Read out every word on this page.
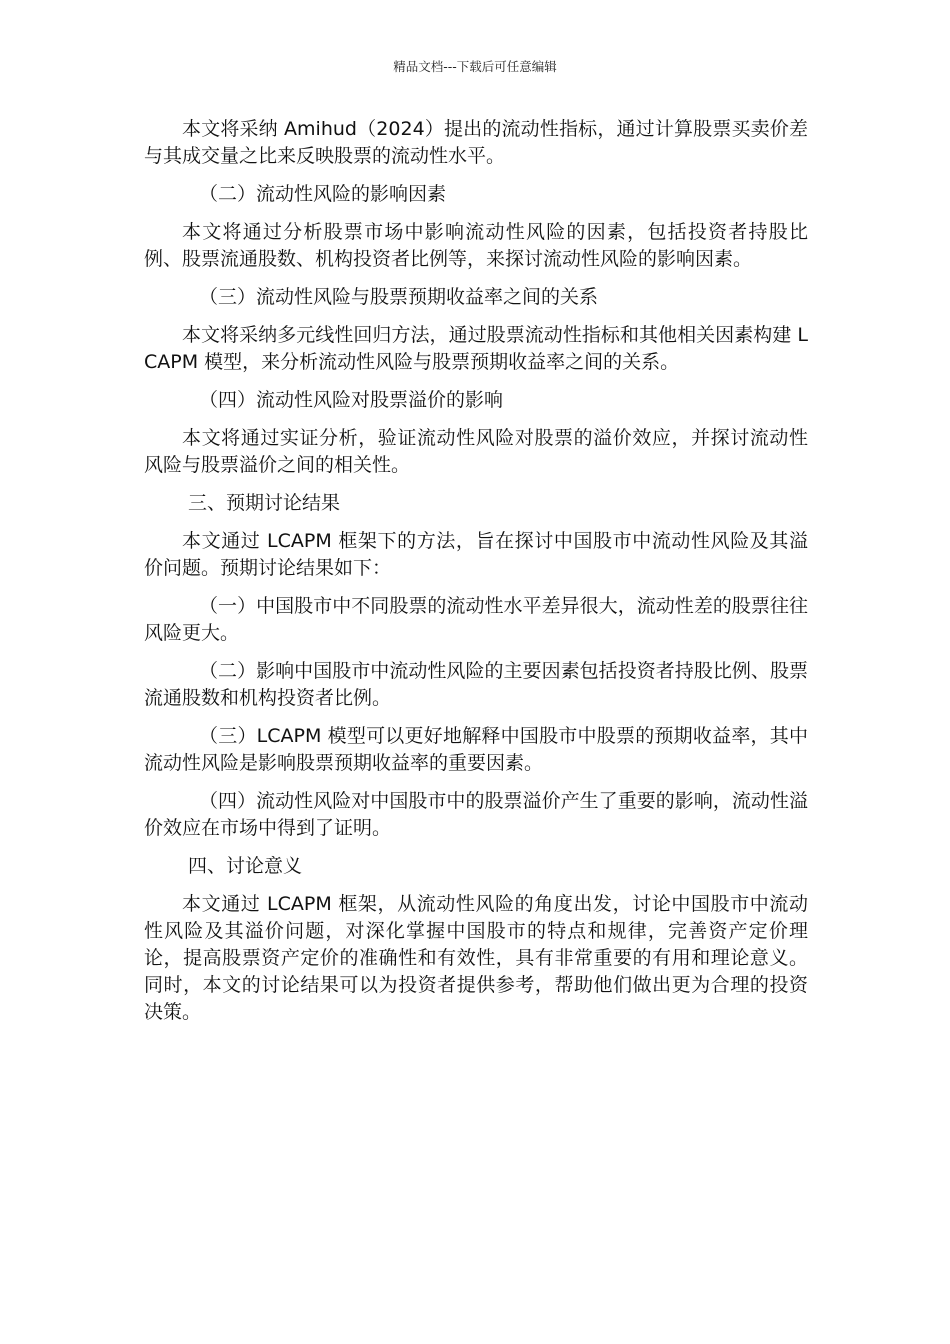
精品文档---下载后可任意编辑

本文将采纳 Amihud（2024）提出的流动性指标，通过计算股票买卖价差与其成交量之比来反映股票的流动性水平。

（二）流动性风险的影响因素

本文将通过分析股票市场中影响流动性风险的因素，包括投资者持股比例、股票流通股数、机构投资者比例等，来探讨流动性风险的影响因素。

（三）流动性风险与股票预期收益率之间的关系

本文将采纳多元线性回归方法，通过股票流动性指标和其他相关因素构建 LCAPM 模型，来分析流动性风险与股票预期收益率之间的关系。

（四）流动性风险对股票溢价的影响

本文将通过实证分析，验证流动性风险对股票的溢价效应，并探讨流动性风险与股票溢价之间的相关性。

三、预期讨论结果

本文通过 LCAPM 框架下的方法，旨在探讨中国股市中流动性风险及其溢价问题。预期讨论结果如下：

（一）中国股市中不同股票的流动性水平差异很大，流动性差的股票往往风险更大。

（二）影响中国股市中流动性风险的主要因素包括投资者持股比例、股票流通股数和机构投资者比例。

（三）LCAPM 模型可以更好地解释中国股市中股票的预期收益率，其中流动性风险是影响股票预期收益率的重要因素。

（四）流动性风险对中国股市中的股票溢价产生了重要的影响，流动性溢价效应在市场中得到了证明。

四、讨论意义

本文通过 LCAPM 框架，从流动性风险的角度出发，讨论中国股市中流动性风险及其溢价问题，对深化掌握中国股市的特点和规律，完善资产定价理论，提高股票资产定价的准确性和有效性，具有非常重要的有用和理论意义。同时，本文的讨论结果可以为投资者提供参考，帮助他们做出更为合理的投资决策。
